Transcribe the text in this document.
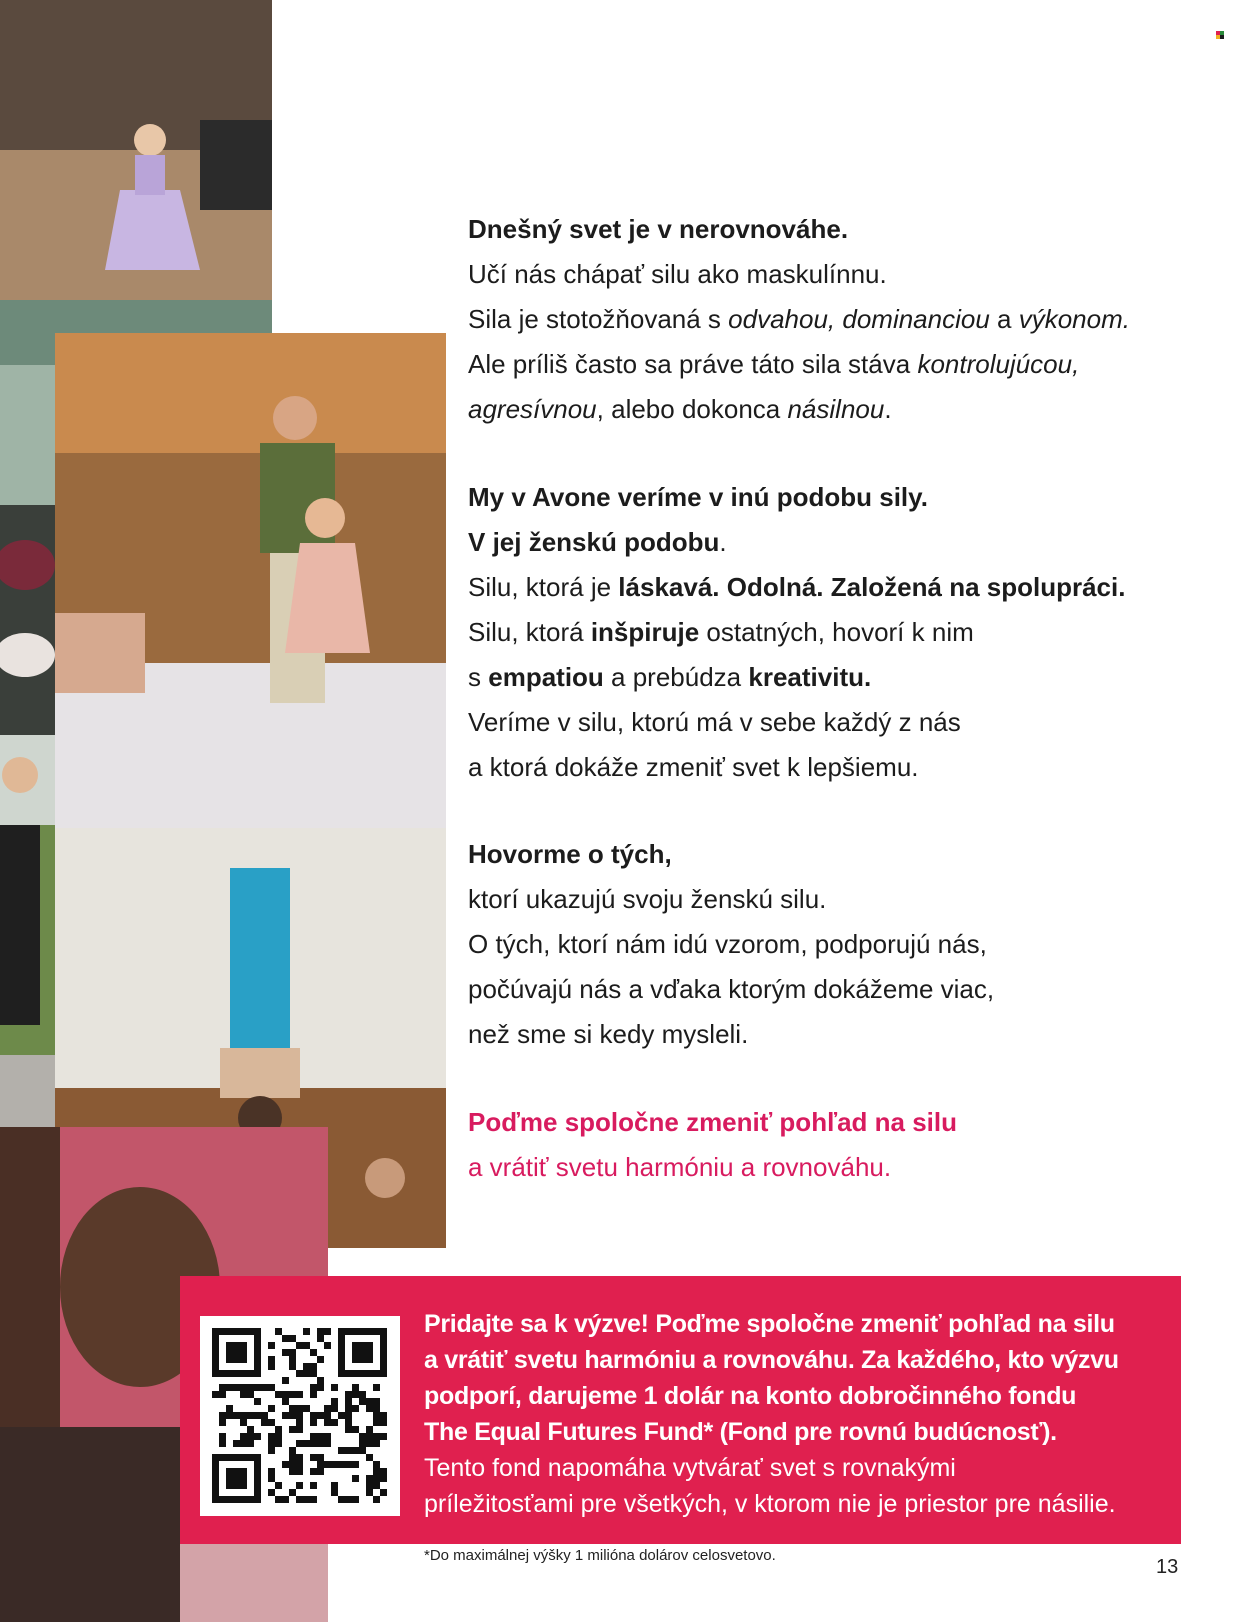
Dnešný svet je v nerovnováhe.

Učí nás chápať silu ako maskulínnu.

Sila je stotožňovaná s odvahou, dominanciou a výkonom.

Ale príliš často sa práve táto sila stáva kontrolujúcou,

agresívnou, alebo dokonca násilnou.

My v Avone veríme v inú podobu sily.

V jej ženskú podobu.

Silu, ktorá je láskavá. Odolná. Založená na spolupráci.

Silu, ktorá inšpiruje ostatných, hovorí k nim

s empatiou a prebúdza kreativitu.

Veríme v silu, ktorú má v sebe každý z nás

a ktorá dokáže zmeniť svet k lepšiemu.

Hovorme o tých,

ktorí ukazujú svoju ženskú silu.

O tých, ktorí nám idú vzorom, podporujú nás,

počúvajú nás a vďaka ktorým dokážeme viac,

než sme si kedy mysleli.

Poďme spoločne zmeniť pohľad na silu

a vrátiť svetu harmóniu a rovnováhu.

Pridajte sa k výzve! Poďme spoločne zmeniť pohľad na silu
a vrátiť svetu harmóniu a rovnováhu. Za každého, kto výzvu
podporí, darujeme 1 dolár na konto dobročinného fondu
The Equal Futures Fund* (Fond pre rovnú budúcnosť).
Tento fond napomáha vytvárať svet s rovnakými
príležitosťami pre všetkých, v ktorom nie je priestor pre násilie.
*Do maximálnej výšky 1 milióna dolárov celosvetovo.
13
